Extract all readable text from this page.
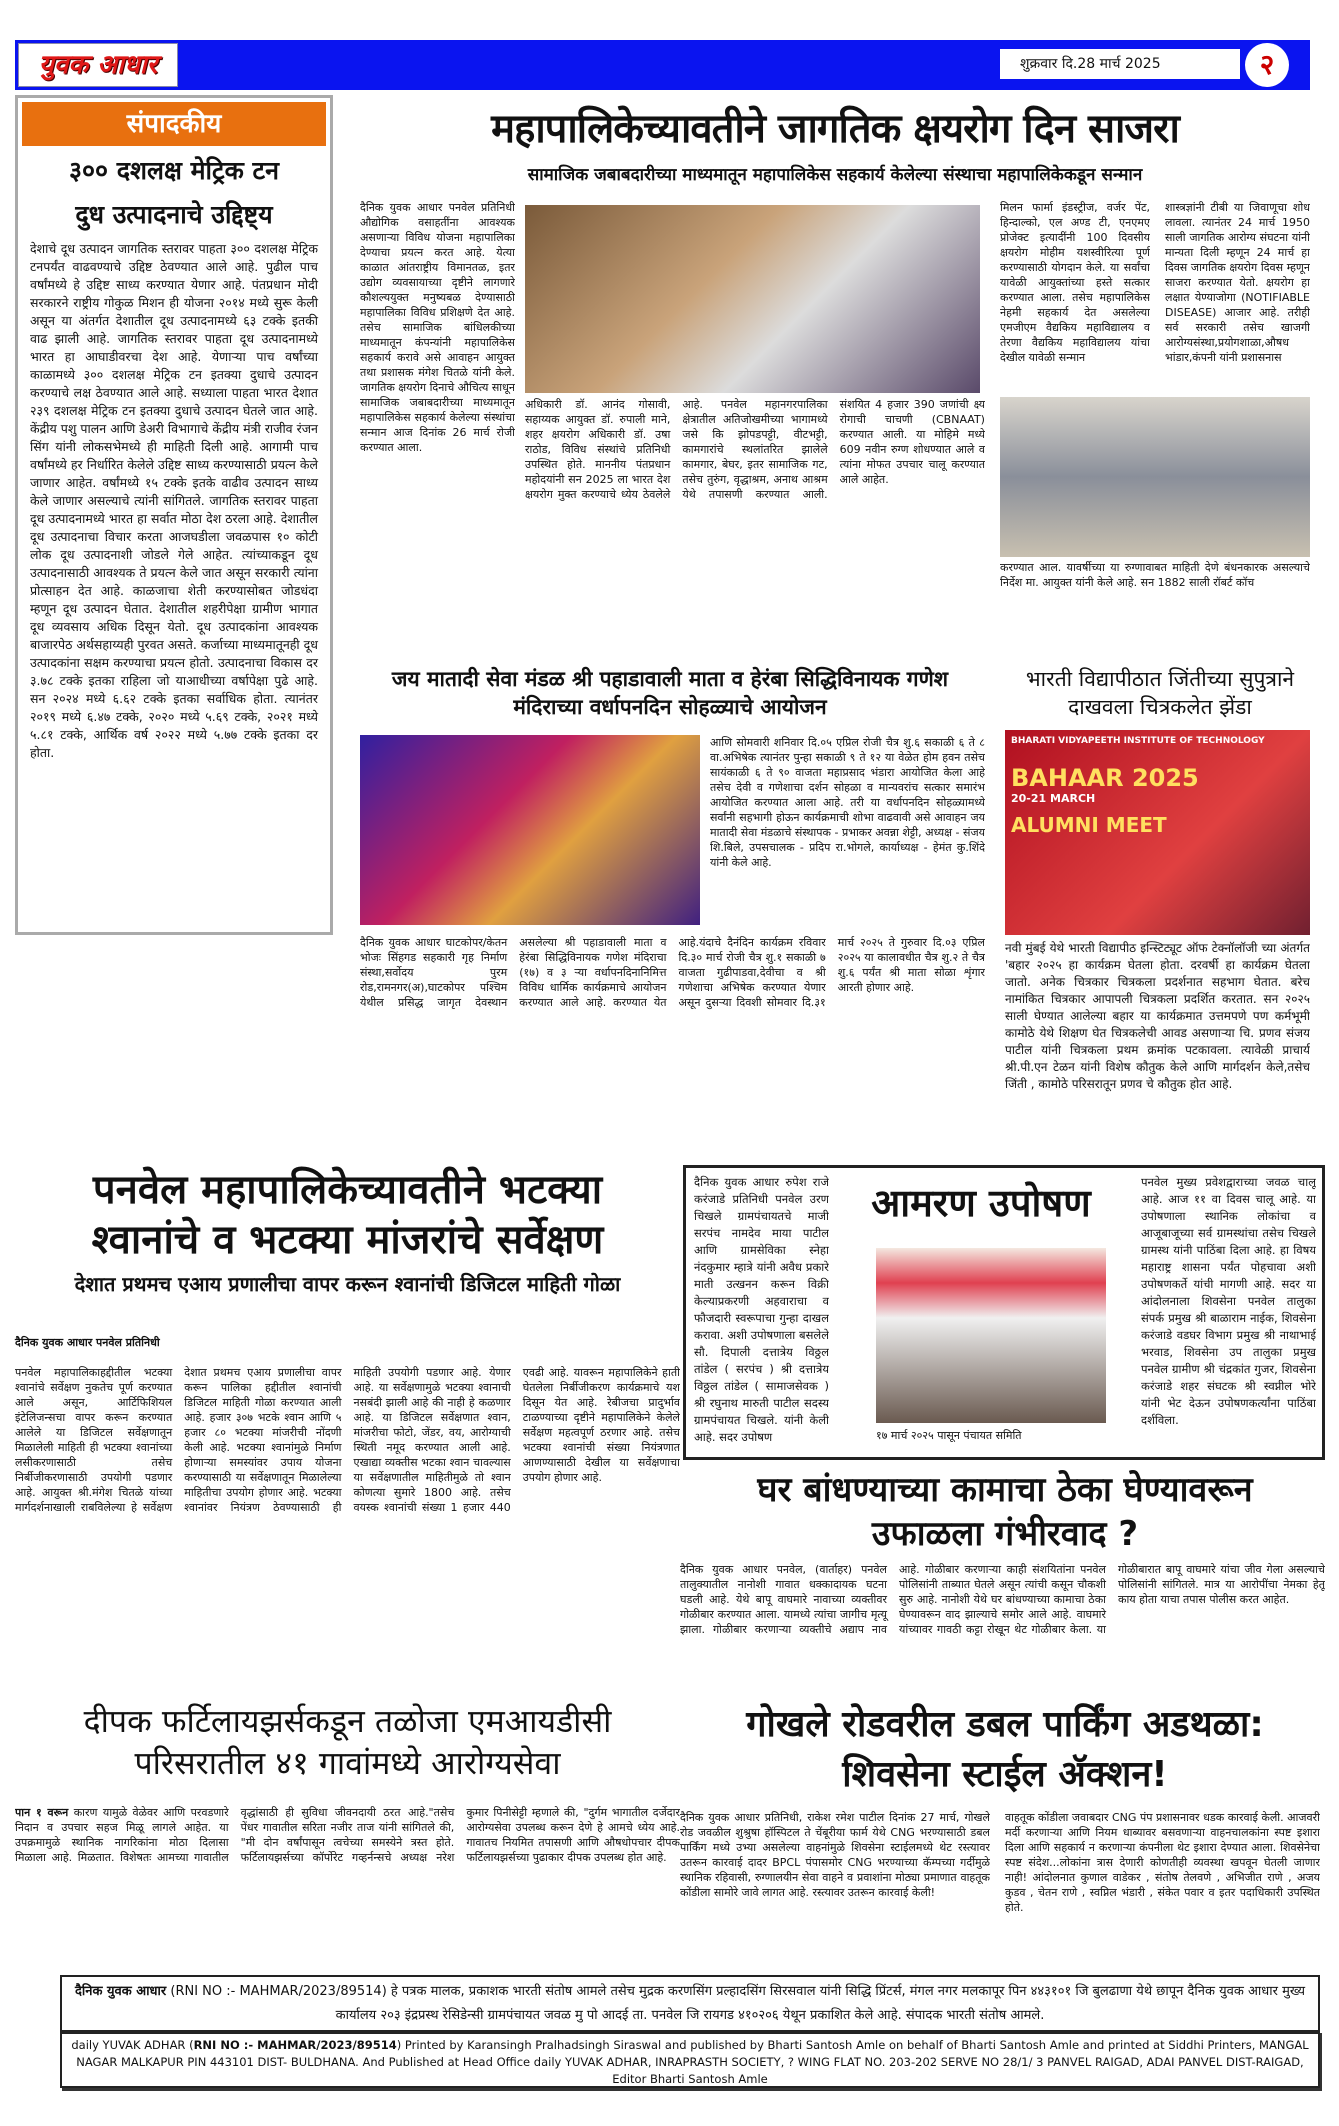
युवक आधार	शुक्रवार दि.28 मार्च 2025	२
संपादकीय
३०० दशलक्ष मेट्रिक टन
दुध उत्पादनाचे उद्दिष्ट्य

देशाचे दूध उत्पादन जागतिक स्तरावर पाहता ३०० दशलक्ष मेट्रिक टनपर्यंत वाढवण्याचे उद्दिष्ट ठेवण्यात आले आहे. पुढील पाच वर्षांमध्ये हे उद्दिष्ट साध्य करण्यात येणार आहे. पंतप्रधान मोदी सरकारने राष्ट्रीय गोकुळ मिशन ही योजना २०१४ मध्ये सुरू केली असून या अंतर्गत देशातील दूध उत्पादनामध्ये ६३ टक्के इतकी वाढ झाली आहे. जागतिक स्तरावर पाहता दूध उत्पादनामध्ये भारत हा आघाडीवरचा देश आहे. येणाऱ्या पाच वर्षांच्या काळामध्ये ३०० दशलक्ष मेट्रिक टन इतक्या दुधाचे उत्पादन करण्याचे लक्ष ठेवण्यात आले आहे. सध्याला पाहता भारत देशात २३९ दशलक्ष मेट्रिक टन इतक्या दुधाचे उत्पादन घेतले जात आहे. केंद्रीय पशु पालन आणि डेअरी विभागाचे केंद्रीय मंत्री राजीव रंजन सिंग यांनी लोकसभेमध्ये ही माहिती दिली आहे. आगामी पाच वर्षांमध्ये हर निर्धारित केलेले उद्दिष्ट साध्य करण्यासाठी प्रयत्न केले जाणार आहेत. वर्षांमध्ये १५ टक्के इतके वाढीव उत्पादन साध्य केले जाणार असल्याचे त्यांनी सांगितले. जागतिक स्तरावर पाहता दूध उत्पादनामध्ये भारत हा सर्वात मोठा देश ठरला आहे. देशातील दूध उत्पादनाचा विचार करता आजघडीला जवळपास १० कोटी लोक दूध उत्पादनाशी जोडले गेले आहेत. त्यांच्याकडून दूध उत्पादनासाठी आवश्यक ते प्रयत्न केले जात असून सरकारी त्यांना प्रोत्साहन देत आहे. काळजाचा शेती करण्यासोबत जोडधंदा म्हणून दूध उत्पादन घेतात. देशातील शहरीपेक्षा ग्रामीण भागात दूध व्यवसाय अधिक दिसून येतो. दूध उत्पादकांना आवश्यक बाजारपेठ अर्थसहाय्यही पुरवत असते. कर्जाच्या माध्यमातूनही दूध उत्पादकांना सक्षम करण्याचा प्रयत्न होतो. उत्पादनाचा विकास दर ३.७८ टक्के इतका राहिला जो याआधीच्या वर्षापेक्षा पुढे आहे. सन २०२४ मध्ये ६.६२ टक्के इतका सर्वाधिक होता. त्यानंतर २०१९ मध्ये ६.४७ टक्के, २०२० मध्ये ५.६९ टक्के, २०२१ मध्ये ५.८१ टक्के, आर्थिक वर्ष २०२२ मध्ये ५.७७ टक्के इतका दर होता.

महापालिकेच्यावतीने जागतिक क्षयरोग दिन साजरा
सामाजिक जबाबदारीच्या माध्यमातून महापालिकेस सहकार्य केलेल्या संस्थाचा महापालिकेकडून सन्मान

दैनिक युवक आधार पनवेल प्रतिनिधी औद्योगिक वसाहतींना आवश्यक असणाऱ्या विविध योजना महापालिका देण्याचा प्रयत्न करत आहे. येत्या काळात आंतराष्ट्रीय विमानतळ, इतर उद्योग व्यवसायाच्या दृष्टीने लागणारे कौशल्ययुक्त मनुष्यबळ देण्यासाठी महापालिका विविध प्रशिक्षणे देत आहे. तसेच सामाजिक बांधिलकीच्या माध्यमातून कंपन्यांनी महापालिकेस सहकार्य करावे असे आवाहन आयुक्त तथा प्रशासक मंगेश चितळे यांनी केले. जागतिक क्षयरोग दिनाचे औचित्य साधून सामाजिक जबाबदारीच्या माध्यमातून महापालिकेस सहकार्य केलेल्या संस्थांचा सन्मान आज दिनांक 26 मार्च रोजी करण्यात आला.

मिलन फार्मा इंडस्ट्रीज, वर्जर पेंट, हिन्दाल्को, एल अण्ड टी, एनएमए प्रोजेक्ट इत्यादींनी 100 दिवसीय क्षयरोग मोहीम यशस्वीरित्या पूर्ण करण्यासाठी योगदान केले. या सर्वांचा यावेळी आयुक्तांच्या हस्ते सत्कार करण्यात आला. तसेच महापालिकेस नेहमी सहकार्य देत असलेल्या एमजीएम वैद्यकिय महाविद्यालय व तेरणा वैद्यकिय महाविद्यालय यांचा देखील यावेळी सन्मान

शास्त्रज्ञांनी टीबी या जिवाणूचा शोध लावला. त्यानंतर 24 मार्च 1950 साली जागतिक आरोग्य संघटना यांनी मान्यता दिली म्हणून 24 मार्च हा दिवस जागतिक क्षयरोग दिवस म्हणून साजरा करण्यात येतो. क्षयरोग हा लक्षात येण्याजोगा (NOTIFIABLE DISEASE) आजार आहे. तरीही सर्व सरकारी तसेच खाजगी आरोग्यसंस्था,प्रयोगशाळा,औषध भांडार,कंपनी यांनी प्रशासनास

अधिकारी डॉ. आनंद गोसावी, सहाय्यक आयुक्त डॉ. रुपाली माने, शहर क्षयरोग अधिकारी डॉ. उषा राठोड, विविध संस्थांचे प्रतिनिधी उपस्थित होते. माननीय पंतप्रधान महोदयांनी सन 2025 ला भारत देश क्षयरोग मुक्त करण्याचे ध्येय ठेवलेले आहे. पनवेल महानगरपालिका क्षेत्रातील अतिजोखमीच्या भागामध्ये जसे कि झोपडपट्टी, वीटभट्टी, कामगारांचे स्थलांतरित झालेले कामगार, बेघर, इतर सामाजिक गट, तसेच तुरुंग, वृद्धाश्रम, अनाथ आश्रम येथे तपासणी करण्यात आली. संशयित 4 हजार 390 जणांची क्ष्य रोगाची चाचणी (CBNAAT) करण्यात आली. या मोहिमे मध्ये 609 नवीन रुग्ण शोधण्यात आले व त्यांना मोफत उपचार चालू करण्यात आले आहेत.

करण्यात आल. यावर्षीच्या या रुग्णावाबत माहिती देणे बंधनकारक असल्याचे निर्देश मा. आयुक्त यांनी केले आहे. सन 1882 साली रॉबर्ट कॉच

जय मातादी सेवा मंडळ श्री पहाडावाली माता व हेरंबा सिद्धिविनायक गणेश मंदिराच्या वर्धापनदिन सोहळ्याचे आयोजन

आणि सोमवारी शनिवार दि.०५ एप्रिल रोजी चैत्र शु.६ सकाळी ६ ते ८ वा.अभिषेक त्यानंतर पुन्हा सकाळी ९ ते १२ या वेळेत होम हवन तसेच सायंकाळी ६ ते ९० वाजता महाप्रसाद भंडारा आयोजित केला आहे तसेच देवी व गणेशाचा दर्शन सोहळा व मान्यवरांच सत्कार समारंभ आयोजित करण्यात आला आहे. तरी या वर्धापनदिन सोहळ्यामध्ये सर्वांनी सहभागी होऊन कार्यक्रमाची शोभा वाढवावी असे आवाहन जय मातादी सेवा मंडळाचे संस्थापक - प्रभाकर अवन्ना शेट्टी, अध्यक्ष - संजय शि.बिले, उपसचालक - प्रदिप रा.भोगले, कार्याध्यक्ष - हेमंत कु.शिंदे यांनी केले आहे.

दैनिक युवक आधार घाटकोपर/केतन भोजः सिंहगड सहकारी गृह निर्माण संस्था,सर्वोदय पुरम रोड,रामनगर(अ),घाटकोपर पश्चिम येथील प्रसिद्ध जागृत देवस्थान असलेल्या श्री पहाडावाली माता व हेरंबा सिद्धिविनायक गणेश मंदिराचा (१७) व ३ ऱ्या वर्धापनदिनानिमित्त विविध धार्मिक कार्यक्रमाचे आयोजन करण्यात आले आहे. करण्यात येत आहे.यंदाचे दैनंदिन कार्यक्रम रविवार दि.३० मार्च रोजी चैत्र शु.१ सकाळी ७ वाजता गुढीपाडवा,देवीचा व श्री गणेशाचा अभिषेक करण्यात येणार असून दुसऱ्या दिवशी सोमवार दि.३१ मार्च २०२५ ते गुरुवार दि.०३ एप्रिल २०२५ या कालावधीत चैत्र शु.२ ते चैत्र शु.६ पर्यंत श्री माता सोळा शृंगार आरती होणार आहे.

भारती विद्यापीठात जिंतीच्या सुपुत्राने दाखवला चित्रकलेत झेंडा
BHARATI VIDYAPEETH INSTITUTE OF TECHNOLOGY
BAHAAR 2025
20-21 MARCH
ALUMNI MEET

नवी मुंबई येथे भारती विद्यापीठ इन्स्टिट्यूट ऑफ टेक्नॉलॉजी च्या अंतर्गत 'बहार २०२५ हा कार्यक्रम घेतला होता. दरवर्षी हा कार्यक्रम घेतला जातो. अनेक चित्रकार चित्रकला प्रदर्शनात सहभाग घेतात. बरेच नामांकित चित्रकार आपापली चित्रकला प्रदर्शित करतात. सन २०२५ साली घेण्यात आलेल्या बहार या कार्यक्रमात उत्तमपणे पण कर्मभूमी कामोठे येथे शिक्षण घेत चित्रकलेची आवड असणाऱ्या चि. प्रणव संजय पाटील यांनी चित्रकला प्रथम क्रमांक पटकावला. त्यावेळी प्राचार्य श्री.पी.एन टेळन यांनी विशेष कौतुक केले आणि मार्गदर्शन केले,तसेच जिंती , कामोठे परिसरातून प्रणव चे कौतुक होत आहे.

पनवेल महापालिकेच्यावतीने भटक्या
श्वानांचे व भटक्या मांजरांचे सर्वेक्षण
देशात प्रथमच एआय प्रणालीचा वापर करून श्वानांची डिजिटल माहिती गोळा

दैनिक युवक आधार पनवेल प्रतिनिधी

पनवेल महापालिकाहद्दीतील भटक्या श्वानांचे सर्वेक्षण नुकतेच पूर्ण करण्यात आले असून, आर्टिफिशियल इंटेलिजन्सचा वापर करून करण्यात आलेले या डिजिटल सर्वेक्षणातून मिळालेली माहिती ही भटक्या श्वानांच्या लसीकरणासाठी तसेच निर्बीजीकरणासाठी उपयोगी पडणार आहे. आयुक्त श्री.मंगेश चितळे यांच्या मार्गदर्शनाखाली राबविलेल्या हे सर्वेक्षण देशात प्रथमच एआय प्रणालीचा वापर करून पालिका हद्दीतील श्वानांची डिजिटल माहिती गोळा करण्यात आली आहे. हजार ३०७ भटके श्वान आणि ५ हजार ८० भटक्या मांजरीची नोंदणी केली आहे. भटक्या श्वानांमुळे निर्माण होणाऱ्या समस्यांवर उपाय योजना करण्यासाठी या सर्वेक्षणातून मिळालेल्या माहितीचा उपयोग होणार आहे. भटक्या श्वानांवर नियंत्रण ठेवण्यासाठी ही माहिती उपयोगी पडणार आहे. येणार आहे. या सर्वेक्षणामुळे भटक्या श्वानाची नसबंदी झाली आहे की नाही हे कळणार आहे. या डिजिटल सर्वेक्षणात श्वान, मांजरीचा फोटो, जेंडर, वय, आरोग्याची स्थिती नमूद करण्यात आली आहे. एखाद्या व्यक्तीस भटका श्वान चावल्यास या सर्वेक्षणातील माहितीमुळे तो श्वान कोणत्या सुमारे 1800 आहे. तसेच वयस्क श्वानांची संख्या 1 हजार 440 एवढी आहे. यावरून महापालिकेने हाती घेतलेला निर्बीजीकरण कार्यक्रमाचे यश दिसून येत आहे. रेबीजचा प्रादुर्भाव टाळण्याच्या दृष्टीने महापालिकेने केलेले सर्वेक्षण महत्वपूर्ण ठरणार आहे. तसेच भटक्या श्वानांची संख्या नियंत्रणात आणण्यासाठी देखील या सर्वेक्षणाचा उपयोग होणार आहे.

आमरण उपोषण

दैनिक युवक आधार रुपेश राजे करंजाडे प्रतिनिधी पनवेल उरण चिखले ग्रामपंचायतचे माजी सरपंच नामदेव माया पाटील आणि ग्रामसेविका स्नेहा नंदकुमार म्हात्रे यांनी अवैध प्रकारे माती उत्खनन करून विक्री केल्याप्रकरणी अहवाराचा व फौजदारी स्वरूपाचा गुन्हा दाखल करावा. अशी उपोषणाला बसलेले सौ. दिपाली दत्तात्रेय विठ्ठल तांडेल ( सरपंच ) श्री दत्तात्रेय विठ्ठल तांडेल ( सामाजसेवक ) श्री रघुनाथ मारुती पाटील सदस्य ग्रामपंचायत चिखले. यांनी केली आहे. सदर उपोषण	१७ मार्च २०२५ पासून पंचायत समिति

पनवेल मुख्य प्रवेशद्वाराच्या जवळ चालू आहे. आज ११ वा दिवस चालू आहे. या उपोषणाला स्थानिक लोकांचा व आजूबाजूच्या सर्व ग्रामस्थांचा तसेच चिखले ग्रामस्थ यांनी पाठिंबा दिला आहे. हा विषय महाराष्ट्र शासना पर्यंत पोहचावा अशी उपोषणकर्ते यांची मागणी आहे. सदर या आंदोलनाला शिवसेना पनवेल तालुका संपर्क प्रमुख श्री बाळाराम नाईक, शिवसेना करंजाडे वडघर विभाग प्रमुख श्री नाथाभाई भरवाड, शिवसेना उप तालुका प्रमुख पनवेल ग्रामीण श्री चंद्रकांत गुजर, शिवसेना करंजाडे शहर संघटक श्री स्वप्नील भोरे यांनी भेट देऊन उपोषणकर्त्यांना पाठिंबा दर्शविला.

घर बांधण्याच्या कामाचा ठेका घेण्यावरून
उफाळला गंभीरवाद ?

दैनिक युवक आधार पनवेल, (वार्ताहर) पनवेल तालुक्यातील नानोशी गावात धक्कादायक घटना घडली आहे. येथे बापू वाघमारे नावाच्या व्यक्तीवर गोळीबार करण्यात आला. यामध्ये त्यांचा जागीच मृत्यू झाला. गोळीबार करणाऱ्या व्यक्तीचे अद्याप नाव आहे. गोळीबार करणाऱ्या काही संशयितांना पनवेल पोलिसांनी ताब्यात घेतले असून त्यांची कसून चौकशी सुरु आहे. नानोशी येथे घर बांधण्याच्या कामाचा ठेका घेण्यावरून वाद झाल्याचे समोर आले आहे. वाघमारे यांच्यावर गावठी कट्टा रोखून थेट गोळीबार केला. या गोळीबारात बापू वाघमारे यांचा जीव गेला असल्याचे पोलिसांनी सांगितले. मात्र या आरोपींचा नेमका हेतू काय होता याचा तपास पोलीस करत आहेत.

दीपक फर्टिलायझर्सकडून तळोजा एमआयडीसी
परिसरातील ४१ गावांमध्ये आरोग्यसेवा
पान १ वरून कारण यामुळे वेळेवर आणि परवडणारे निदान व उपचार सहज मिळू लागले आहेत. या उपक्रमामुळे स्थानिक नागरिकांना मोठा दिलासा मिळाला आहे. मिळतात. विशेषतः आमच्या गावातील वृद्धांसाठी ही सुविधा जीवनदायी ठरत आहे."तसेच पेंधर गावातील सरिता नजीर ताज यांनी सांगितले की, "मी दोन वर्षांपासून त्वचेच्या समस्येने त्रस्त होते. फर्टिलायझर्सच्या कॉर्पोरेट गव्हर्नन्सचे अध्यक्ष नरेश कुमार पिनीसेट्टी म्हणाले की, "दुर्गम भागातील दर्जेदार आरोग्यसेवा उपलब्ध करून देणे हे आमचे ध्येय आहे. गावातच नियमित तपासणी आणि औषधोपचार दीपक फर्टिलायझर्सच्या पुढाकार दीपक उपलब्ध होत आहे.
गोखले रोडवरील डबल पार्किंग अडथळा:
शिवसेना स्टाईल ॲक्शन!

दैनिक युवक आधार प्रतिनिधी, राकेश रमेश पाटील दिनांक 27 मार्च, गोखले रोड जवळील शुश्रुषा हॉस्पिटल ते चेंबूरीया फार्म येथे CNG भरण्यासाठी डबल पार्किंग मध्ये उभ्या असलेल्या वाहनांमुळे शिवसेना स्टाईलमध्ये थेट रस्त्यावर उतरून कारवाई दादर BPCL पंपासमोर CNG भरण्याच्या कॅम्पच्या गर्दीमुळे स्थानिक रहिवासी, रुग्णालयीन सेवा वाहने व प्रवाशांना मोठ्या प्रमाणात वाहतूक कोंडीला सामोरे जावे लागत आहे. रस्त्यावर उतरून कारवाई केली!

वाहतूक कोंडीला जवाबदार CNG पंप प्रशासनावर धडक कारवाई केली. आजवरी मर्दी करणाऱ्या आणि नियम धाब्यावर बसवणाऱ्या वाहनचालकांना स्पष्ट इशारा दिला आणि सहकार्य न करणाऱ्या कंपनीला थेट इशारा देण्यात आला. शिवसेनेचा स्पष्ट संदेश...लोकांना त्रास देणारी कोणतीही व्यवस्था खपवून घेतली जाणार नाही! आंदोलनात कुणाल वाडेकर , संतोष तेलवणे , अभिजीत राणे , अजय कुडव , चेतन राणे , स्वप्निल भंडारी , संकेत पवार व इतर पदाधिकारी उपस्थित होते.

दैनिक युवक आधार (RNI NO :- MAHMAR/2023/89514) हे पत्रक मालक, प्रकाशक भारती संतोष आमले तसेच मुद्रक करणसिंग प्रल्हादसिंग सिरसवाल यांनी सिद्धि प्रिंटर्स, मंगल नगर मलकापूर पिन ४४३१०१ जि बुलढाणा येथे छापून दैनिक युवक आधार मुख्य कार्यालय २०३ इंद्रप्रस्थ रेसिडेन्सी ग्रामपंचायत जवळ मु पो आदई ता. पनवेल जि रायगड ४१०२०६ येथून प्रकाशित केले आहे. संपादक भारती संतोष आमले.
daily YUVAK ADHAR (RNI NO :- MAHMAR/2023/89514) Printed by Karansingh Pralhadsingh Siraswal and published by Bharti Santosh Amle on behalf of Bharti Santosh Amle and printed at Siddhi Printers, MANGAL NAGAR MALKAPUR PIN 443101 DIST- BULDHANA. And Published at Head Office daily YUVAK ADHAR, INRAPRASTH SOCIETY, ? WING FLAT NO. 203-202 SERVE NO 28/1/ 3 PANVEL RAIGAD, ADAI PANVEL DIST-RAIGAD, Editor Bharti Santosh Amle
